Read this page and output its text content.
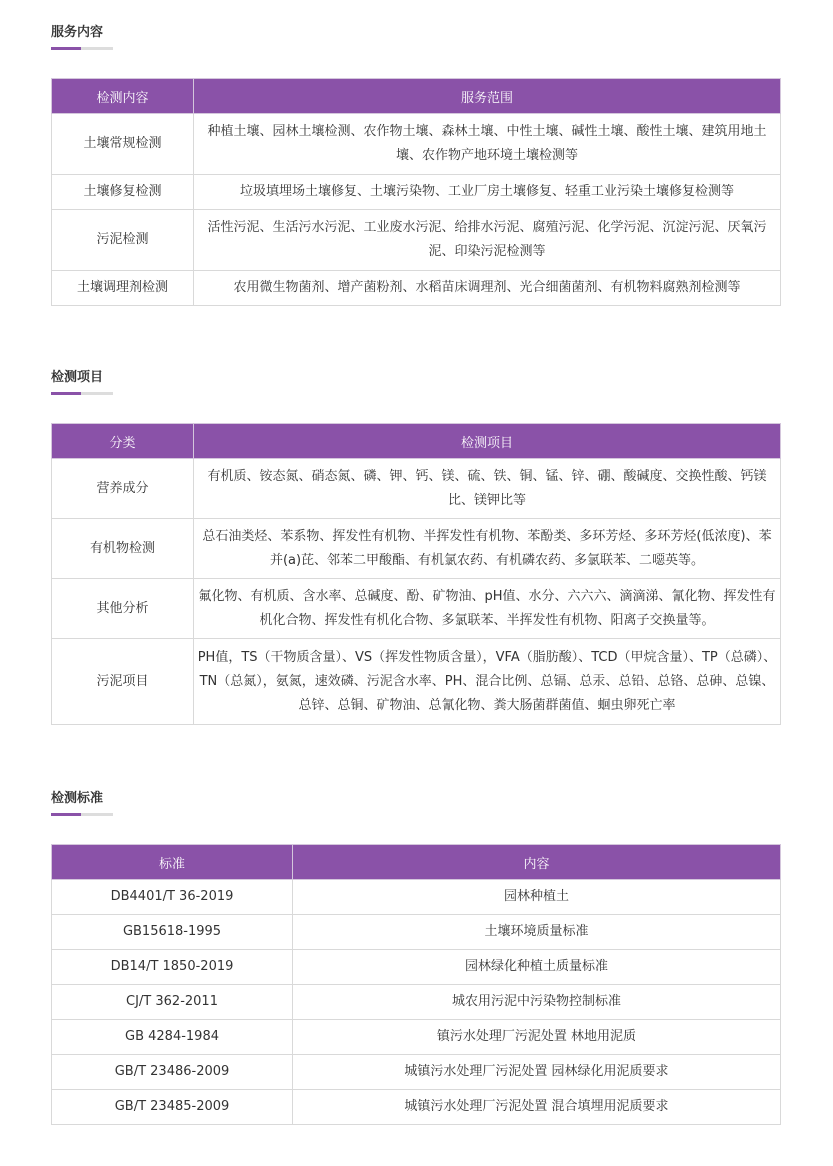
服务内容
检测内容	服务范围
土壤常规检测	种植土壤、园林土壤检测、农作物土壤、森林土壤、中性土壤、碱性土壤、酸性土壤、建筑用地土壤、农作物产地环境土壤检测等
土壤修复检测	垃圾填埋场土壤修复、土壤污染物、工业厂房土壤修复、轻重工业污染土壤修复检测等
污泥检测	活性污泥、生活污水污泥、工业废水污泥、给排水污泥、腐殖污泥、化学污泥、沉淀污泥、厌氧污泥、印染污泥检测等
土壤调理剂检测	农用微生物菌剂、增产菌粉剂、水稻苗床调理剂、光合细菌菌剂、有机物料腐熟剂检测等
检测项目
分类	检测项目
营养成分	有机质、铵态氮、硝态氮、磷、钾、钙、镁、硫、铁、铜、锰、锌、硼、酸碱度、交换性酸、钙镁比、镁钾比等
有机物检测	总石油类烃、苯系物、挥发性有机物、半挥发性有机物、苯酚类、多环芳烃、多环芳烃(低浓度)、苯并(a)芘、邻苯二甲酸酯、有机氯农药、有机磷农药、多氯联苯、二噁英等。
其他分析	氟化物、有机质、含水率、总碱度、酚、矿物油、pH值、水分、六六六、滴滴涕、氰化物、挥发性有机化合物、挥发性有机化合物、多氯联苯、半挥发性有机物、阳离子交换量等。
污泥项目	PH值，TS（干物质含量）、VS（挥发性物质含量），VFA（脂肪酸）、TCD（甲烷含量）、TP（总磷）、TN（总氮），氨氮，速效磷、污泥含水率、PH、混合比例、总镉、总汞、总铅、总铬、总砷、总镍、总锌、总铜、矿物油、总氰化物、粪大肠菌群菌值、蛔虫卵死亡率
检测标准
标准	内容
DB4401/T 36-2019	园林种植土
GB15618-1995	土壤环境质量标准
DB14/T 1850-2019	园林绿化种植土质量标准
CJ/T 362-2011	城农用污泥中污染物控制标准
GB 4284-1984	镇污水处理厂污泥处置 林地用泥质
GB/T 23486-2009	城镇污水处理厂污泥处置 园林绿化用泥质要求
GB/T 23485-2009	城镇污水处理厂污泥处置 混合填埋用泥质要求
